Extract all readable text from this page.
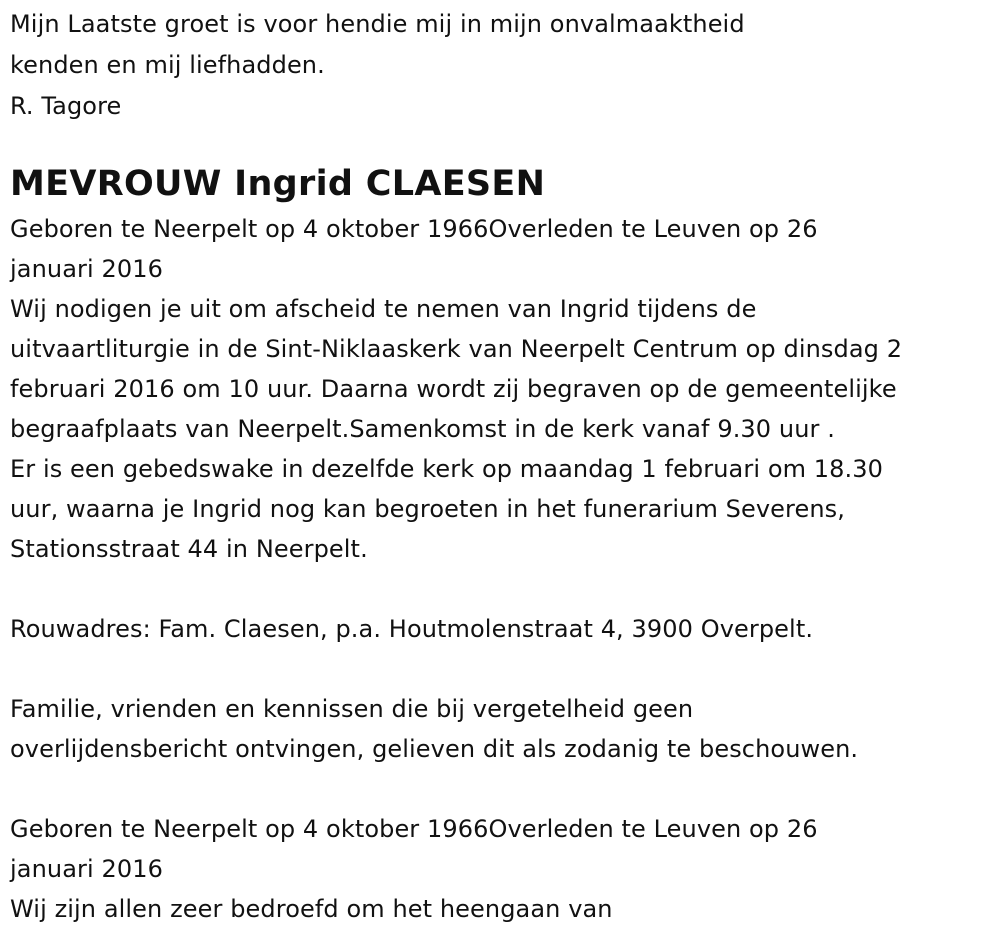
Mijn Laatste groet is voor hendie mij in mijn onvalmaaktheid
kenden en mij liefhadden.
R. Tagore
MEVROUW Ingrid CLAESEN
Geboren te Neerpelt op 4 oktober 1966Overleden te Leuven op 26
januari 2016
Wij nodigen je uit om afscheid te nemen van Ingrid tijdens de
uitvaartliturgie in de Sint-Niklaaskerk van Neerpelt Centrum op dinsdag 2
februari 2016 om 10 uur. Daarna wordt zij begraven op de gemeentelijke
begraafplaats van Neerpelt.Samenkomst in de kerk vanaf 9.30 uur .
Er is een gebedswake in dezelfde kerk op maandag 1 februari om 18.30
uur, waarna je Ingrid nog kan begroeten in het funerarium Severens,
Stationsstraat 44 in Neerpelt.
Rouwadres: Fam. Claesen, p.a. Houtmolenstraat 4, 3900 Overpelt.
Familie, vrienden en kennissen die bij vergetelheid geen
overlijdensbericht ontvingen, gelieven dit als zodanig te beschouwen.
Geboren te Neerpelt op 4 oktober 1966Overleden te Leuven op 26
januari 2016
Wij zijn allen zeer bedroefd om het heengaan van
